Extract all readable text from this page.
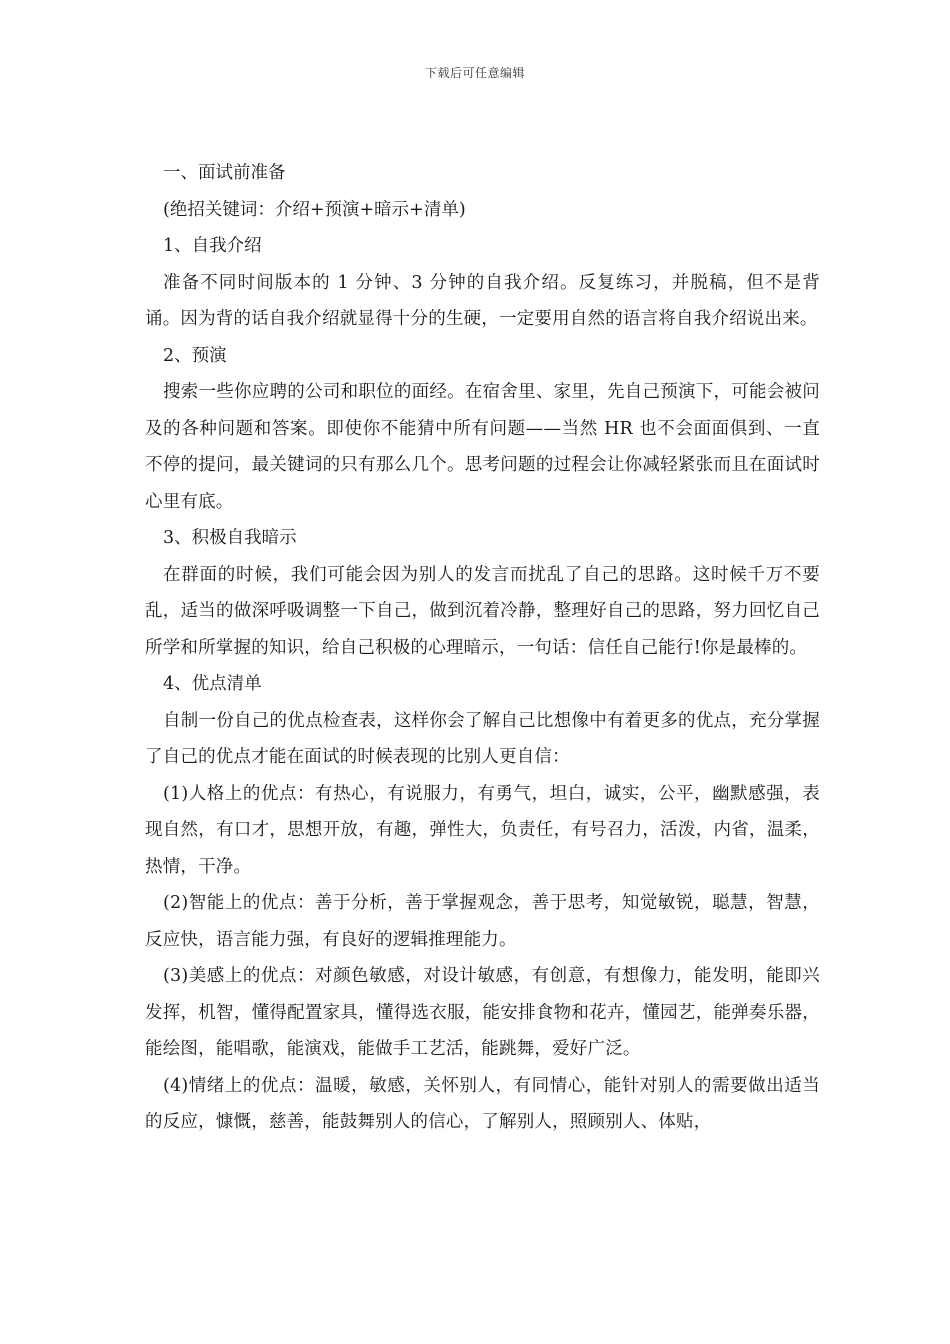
下载后可任意编辑
一、面试前准备
(绝招关键词：介绍+预演+暗示+清单)
1、自我介绍
准备不同时间版本的 1 分钟、3 分钟的自我介绍。反复练习，并脱稿，但不是背诵。因为背的话自我介绍就显得十分的生硬，一定要用自然的语言将自我介绍说出来。
2、预演
搜索一些你应聘的公司和职位的面经。在宿舍里、家里，先自己预演下，可能会被问及的各种问题和答案。即使你不能猜中所有问题——当然 HR 也不会面面俱到、一直不停的提问，最关键词的只有那么几个。思考问题的过程会让你减轻紧张而且在面试时心里有底。
3、积极自我暗示
在群面的时候，我们可能会因为别人的发言而扰乱了自己的思路。这时候千万不要乱，适当的做深呼吸调整一下自己，做到沉着冷静，整理好自己的思路，努力回忆自己所学和所掌握的知识，给自己积极的心理暗示，一句话：信任自己能行!你是最棒的。
4、优点清单
自制一份自己的优点检查表，这样你会了解自己比想像中有着更多的优点，充分掌握了自己的优点才能在面试的时候表现的比别人更自信：
(1)人格上的优点：有热心，有说服力，有勇气，坦白，诚实，公平，幽默感强，表现自然，有口才，思想开放，有趣，弹性大，负责任，有号召力，活泼，内省，温柔，热情，干净。
(2)智能上的优点：善于分析，善于掌握观念，善于思考，知觉敏锐，聪慧，智慧， 反应快，语言能力强，有良好的逻辑推理能力。
(3)美感上的优点：对颜色敏感，对设计敏感，有创意，有想像力，能发明，能即兴发挥，机智，懂得配置家具，懂得选衣服，能安排食物和花卉，懂园艺，能弹奏乐器，能绘图，能唱歌，能演戏，能做手工艺活，能跳舞，爱好广泛。
(4)情绪上的优点：温暖，敏感，关怀别人，有同情心，能针对别人的需要做出适当的反应，慷慨，慈善，能鼓舞别人的信心，了解别人，照顾别人、体贴，
